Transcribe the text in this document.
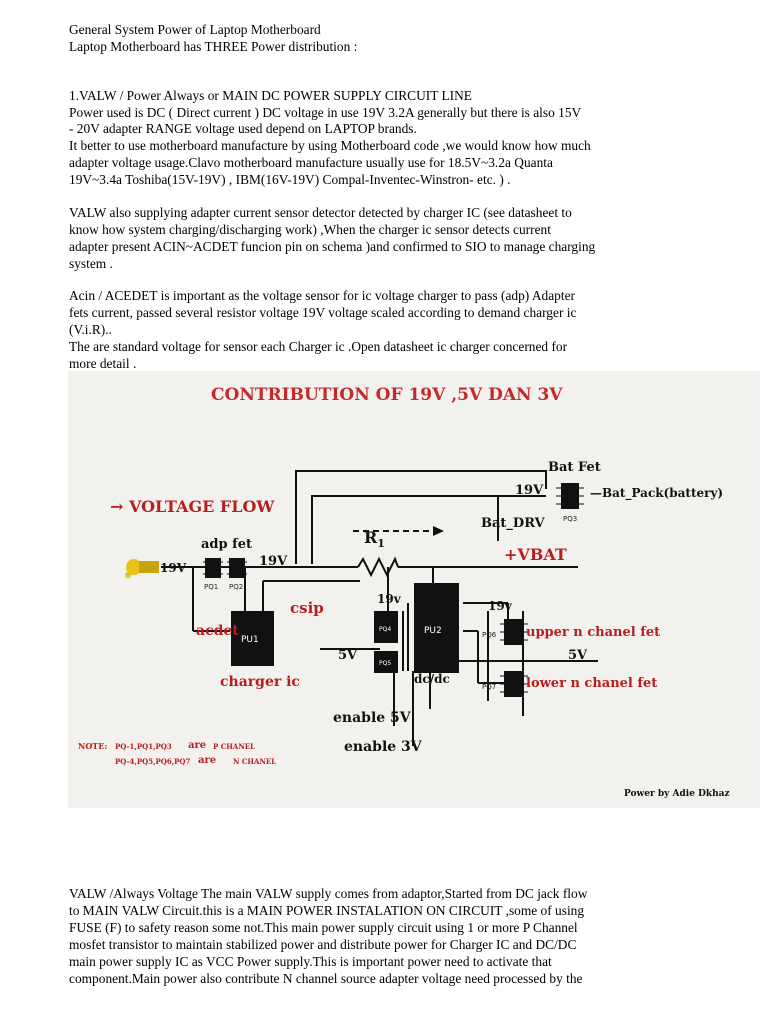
General System Power of Laptop Motherboard
Laptop Motherboard has THREE Power distribution :
1.VALW / Power Always or MAIN DC POWER SUPPLY CIRCUIT LINE
Power used is DC ( Direct current ) DC voltage in use 19V 3.2A generally but there is also 15V
- 20V adapter RANGE voltage used depend on LAPTOP brands.
It better to use motherboard manufacture by using Motherboard code ,we would know how much
adapter voltage usage.Clavo motherboard manufacture usually use for 18.5V~3.2a Quanta
19V~3.4a Toshiba(15V-19V) , IBM(16V-19V) Compal-Inventec-Winstron- etc. ) .
VALW also supplying adapter current sensor detector detected by charger IC (see datasheet to
know how system charging/discharging work) ,When the charger ic sensor detects current
adapter present ACIN~ACDET funcion pin on schema )and confirmed to SIO to manage charging
system .
Acin / ACEDET is important as the voltage sensor for ic voltage charger to pass (adp) Adapter
fets current, passed several resistor voltage 19V voltage scaled according to demand charger ic
(V.i.R)..
The are standard voltage for sensor each Charger ic .Open datasheet ic charger concerned for
more detail .
CONTRIBUTION OF 19V ,5V DAN 3V
$R_1$
PU1
PU2
PQ4
PQ5
PQ1 PQ2
PQ3
PQ6
PQ7
→ VOLTAGE FLOW
Bat Fet
19V	—Bat_Pack(battery)
Bat_DRV
+VBAT
adp fet
19V	19V
csip
acdet
charger ic
19v 19v	19v
5V	5V
dc/dc
upper n chanel fet
lower n chanel fet
enable 5V
enable 3V
NOTE: PQ-1,PQ1,PQ3 are P CHANEL
PQ-4,PQ5,PQ6,PQ7 are N CHANEL
Power by Adie Dkhaz
VALW /Always Voltage The main VALW supply comes from adaptor,Started from DC jack flow
to MAIN VALW Circuit.this is a MAIN POWER INSTALATION ON CIRCUIT ,some of using
FUSE (F) to safety reason some not.This main power supply circuit using 1 or more P Channel
mosfet transistor to maintain stabilized power and distribute power for Charger IC and DC/DC
main power supply IC as VCC Power supply.This is important power need to activate that
component.Main power also contribute N channel source adapter voltage need processed by the
